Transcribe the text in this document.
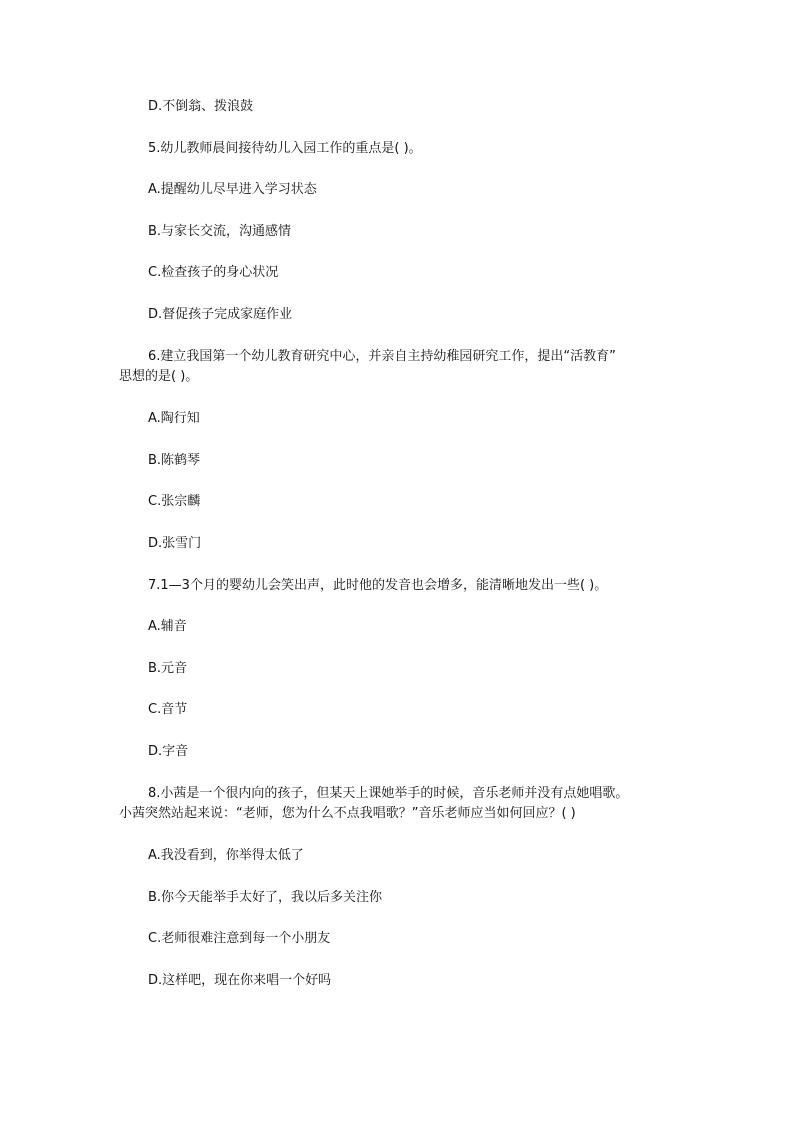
D.不倒翁、拨浪鼓
5.幼儿教师晨间接待幼儿入园工作的重点是( )。
A.提醒幼儿尽早进入学习状态
B.与家长交流，沟通感情
C.检查孩子的身心状况
D.督促孩子完成家庭作业
6.建立我国第一个幼儿教育研究中心，并亲自主持幼稚园研究工作，提出“活教育”
思想的是( )。
A.陶行知
B.陈鹤琴
C.张宗麟
D.张雪门
7.1—3个月的婴幼儿会笑出声，此时他的发音也会增多，能清晰地发出一些( )。
A.辅音
B.元音
C.音节
D.字音
8.小茜是一个很内向的孩子，但某天上课她举手的时候，音乐老师并没有点她唱歌。
小茜突然站起来说：“老师，您为什么不点我唱歌？”音乐老师应当如何回应？( )
A.我没看到，你举得太低了
B.你今天能举手太好了，我以后多关注你
C.老师很难注意到每一个小朋友
D.这样吧，现在你来唱一个好吗
